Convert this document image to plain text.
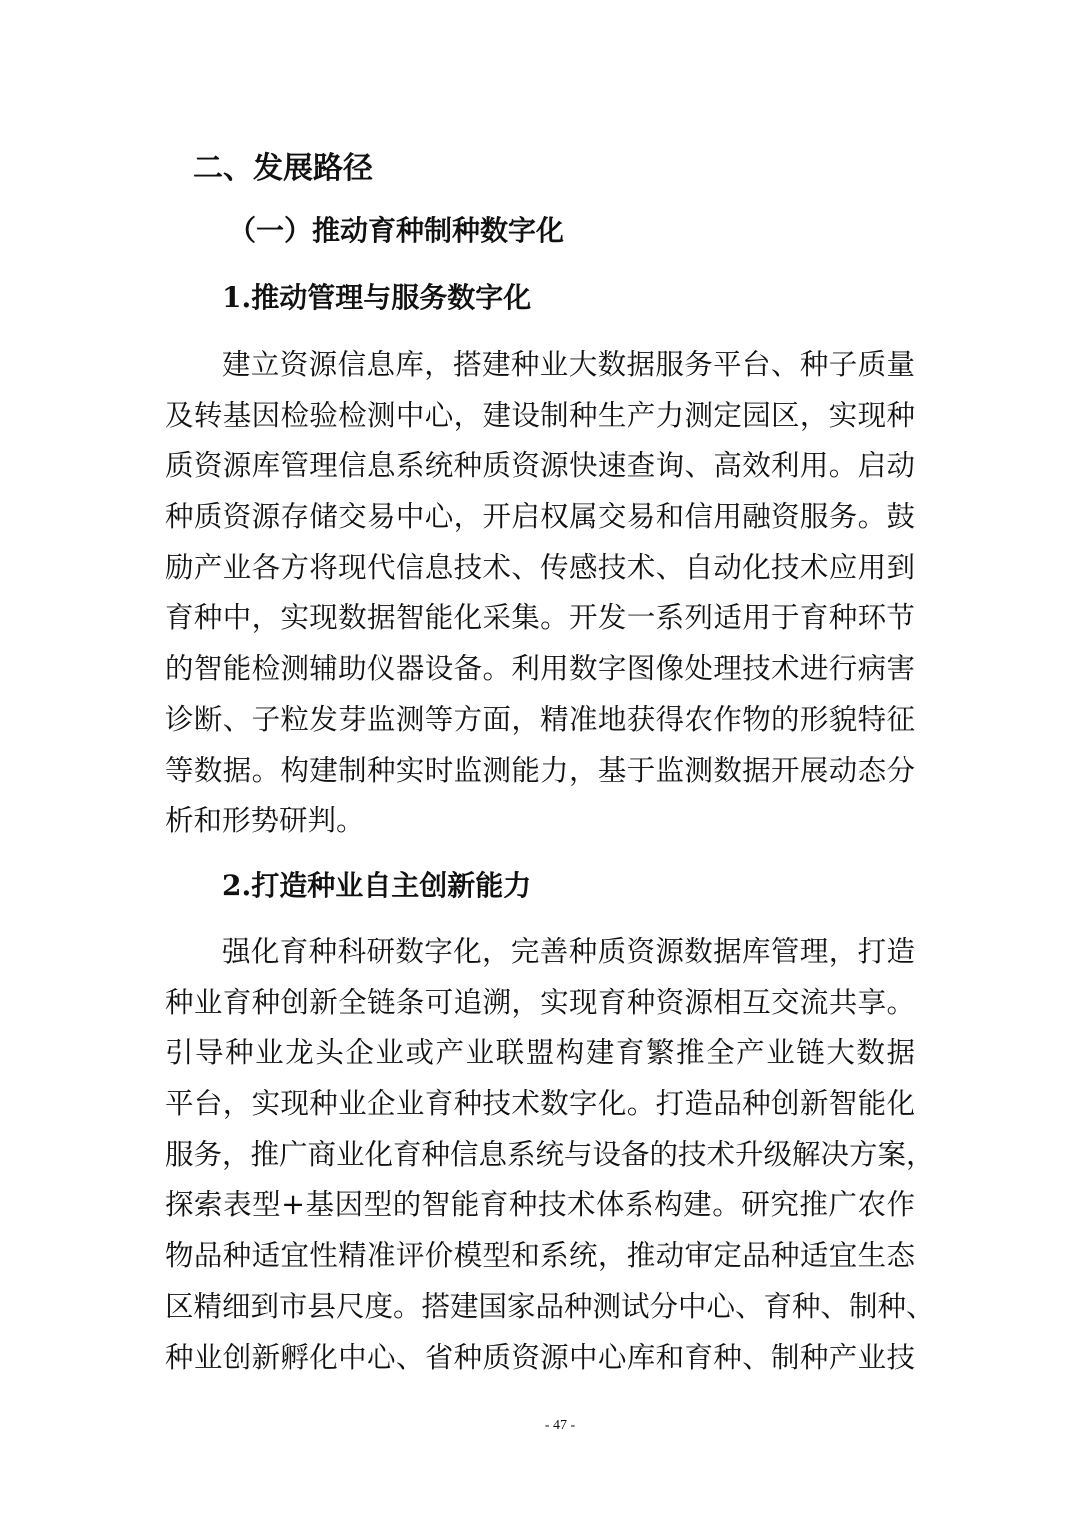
二、发展路径
（一）推动育种制种数字化
1.推动管理与服务数字化
建立资源信息库，搭建种业大数据服务平台、种子质量
及转基因检验检测中心，建设制种生产力测定园区，实现种
质资源库管理信息系统种质资源快速查询、高效利用。启动
种质资源存储交易中心，开启权属交易和信用融资服务。鼓
励产业各方将现代信息技术、传感技术、自动化技术应用到
育种中，实现数据智能化采集。开发一系列适用于育种环节
的智能检测辅助仪器设备。利用数字图像处理技术进行病害
诊断、子粒发芽监测等方面，精准地获得农作物的形貌特征
等数据。构建制种实时监测能力，基于监测数据开展动态分
析和形势研判。
2.打造种业自主创新能力
强化育种科研数字化，完善种质资源数据库管理，打造
种业育种创新全链条可追溯，实现育种资源相互交流共享。
引导种业龙头企业或产业联盟构建育繁推全产业链大数据
平台，实现种业企业育种技术数字化。打造品种创新智能化
服务，推广商业化育种信息系统与设备的技术升级解决方案，
探索表型+基因型的智能育种技术体系构建。研究推广农作
物品种适宜性精准评价模型和系统，推动审定品种适宜生态
区精细到市县尺度。搭建国家品种测试分中心、育种、制种、
种业创新孵化中心、省种质资源中心库和育种、制种产业技
- 47 -
